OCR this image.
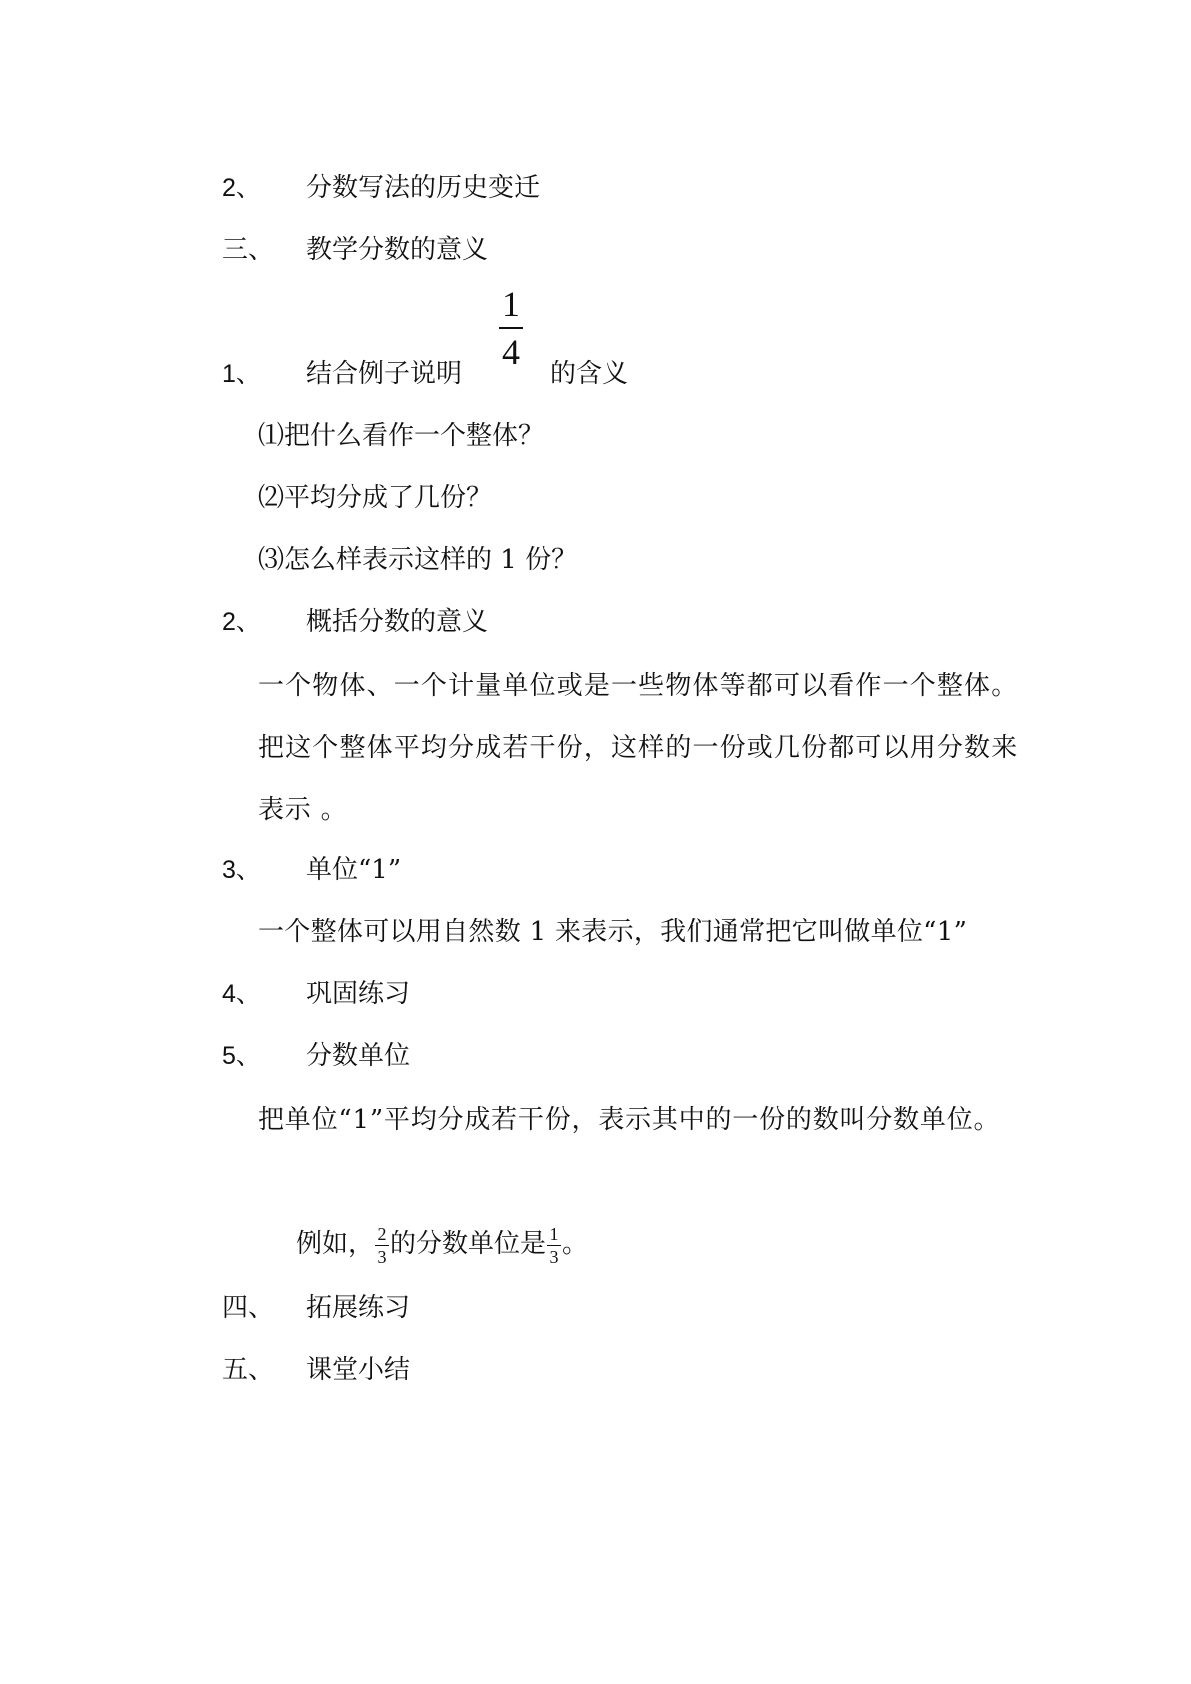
2、 分数写法的历史变迁
三、 教学分数的意义
1
4
1、 结合例子说明	的含义
⑴把什么看作一个整体？
⑵平均分成了几份？
⑶怎么样表示这样的 1 份？
2、 概括分数的意义
一个物体、一个计量单位或是一些物体等都可以看作一个整体。把这个整体平均分成若干份，这样的一份或几份都可以用分数来表示 。
3、 单位“1”
一个整体可以用自然数 1 来表示，我们通常把它叫做单位“1”
4、 巩固练习
5、 分数单位
把单位“1”平均分成若干份，表示其中的一份的数叫分数单位。
例如，$\frac{2}{3}$的分数单位是$\frac{1}{3}$。
四、 拓展练习
五、 课堂小结
